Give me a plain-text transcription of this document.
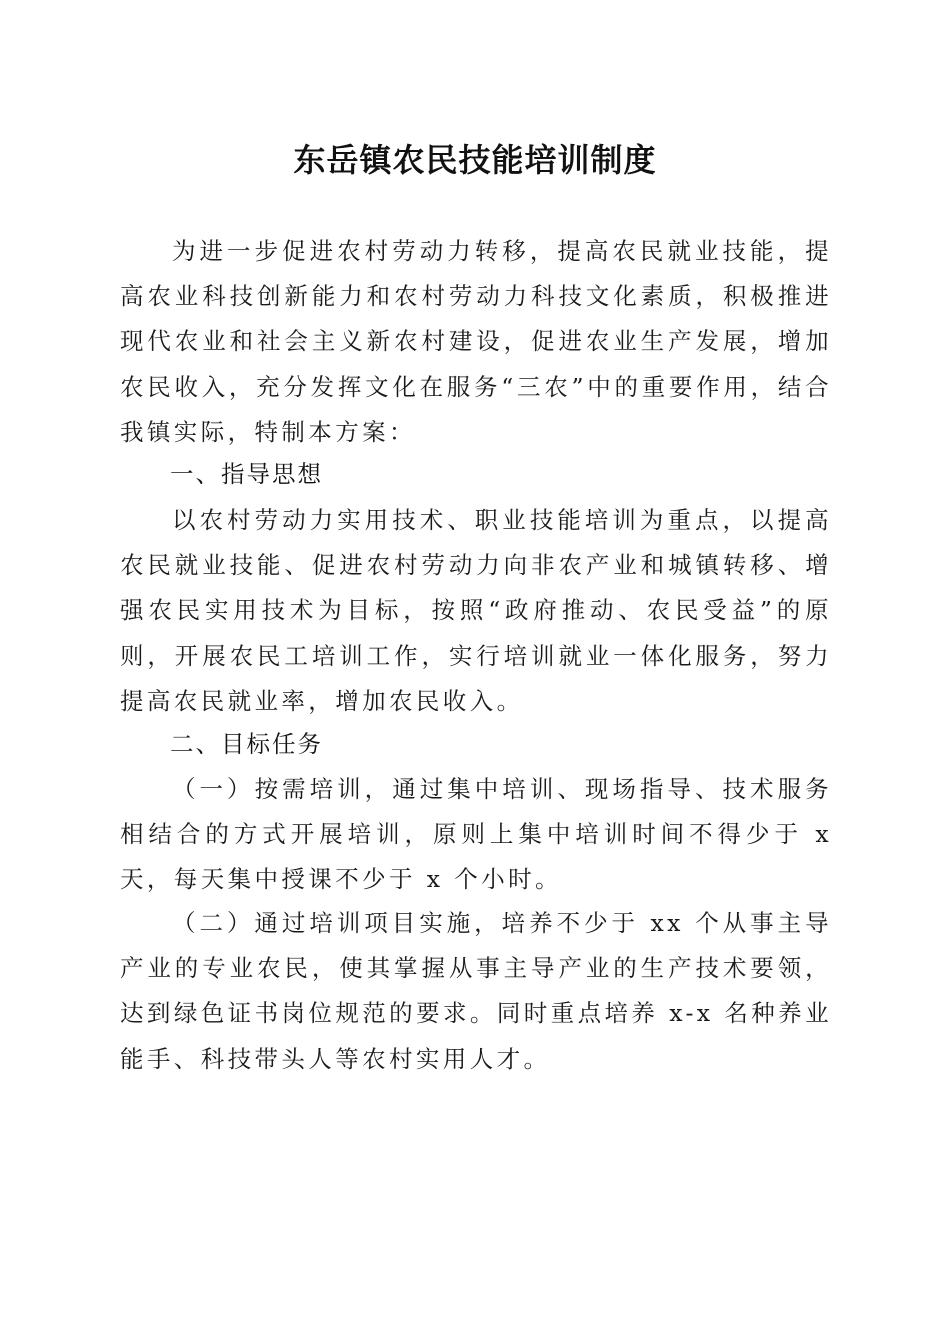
东岳镇农民技能培训制度

为进一步促进农村劳动力转移，提高农民就业技能，提高农业科技创新能力和农村劳动力科技文化素质，积极推进现代农业和社会主义新农村建设，促进农业生产发展，增加农民收入，充分发挥文化在服务“三农”中的重要作用，结合我镇实际，特制本方案：

一、指导思想

以农村劳动力实用技术、职业技能培训为重点，以提高农民就业技能、促进农村劳动力向非农产业和城镇转移、增强农民实用技术为目标，按照“政府推动、农民受益”的原则，开展农民工培训工作，实行培训就业一体化服务，努力提高农民就业率，增加农民收入。

二、目标任务

（一）按需培训，通过集中培训、现场指导、技术服务相结合的方式开展培训，原则上集中培训时间不得少于 x 天，每天集中授课不少于 x 个小时。

（二）通过培训项目实施，培养不少于 xx 个从事主导产业的专业农民，使其掌握从事主导产业的生产技术要领，达到绿色证书岗位规范的要求。同时重点培养 x-x 名种养业能手、科技带头人等农村实用人才。
